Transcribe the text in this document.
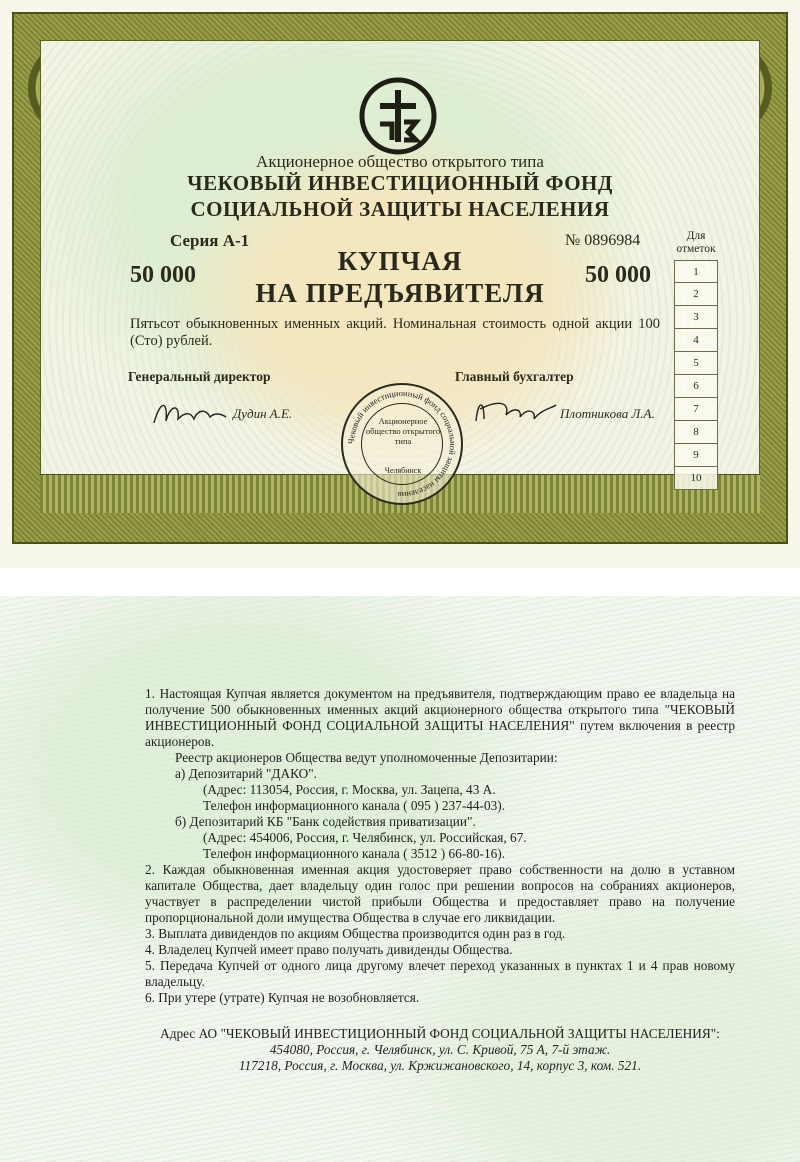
Акционерное общество открытого типа
ЧЕКОВЫЙ ИНВЕСТИЦИОННЫЙ ФОНД
СОЦИАЛЬНОЙ ЗАЩИТЫ НАСЕЛЕНИЯ
Серия А-1	№ 0896984
50 000	50 000
КУПЧАЯ
НА ПРЕДЪЯВИТЕЛЯ
Пятьсот обыкновенных именных акций. Номинальная стоимость одной акции 100 (Сто) рублей.
Генеральный директор	Главный бухгалтер
Дудин А.Е.	Плотникова Л.А.
Чековый инвестиционный фонд социальной защиты населения
Акционерное общество открытого типа
Челябинск
Для
отметок
1
2
3
4
5
6
7
8
9
10

1. Настоящая Купчая является документом на предъявителя, подтверждающим право ее владельца на получение 500 обыкновенных именных акций акционерного общества открытого типа "ЧЕКОВЫЙ ИНВЕСТИЦИОННЫЙ ФОНД СОЦИАЛЬНОЙ ЗАЩИТЫ НАСЕЛЕНИЯ" путем включения в реестр акционеров.

Реестр акционеров Общества ведут уполномоченные Депозитарии:

а) Депозитарий "ДАКО".

(Адрес: 113054, Россия, г. Москва, ул. Зацепа, 43 А.

Телефон информационного канала ( 095 ) 237-44-03).

б) Депозитарий КБ "Банк содействия приватизации".

(Адрес: 454006, Россия, г. Челябинск, ул. Российская, 67.

Телефон информационного канала ( 3512 ) 66-80-16).

2. Каждая обыкновенная именная акция удостоверяет право собственности на долю в уставном капитале Общества, дает владельцу один голос при решении вопросов на собраниях акционеров, участвует в распределении чистой прибыли Общества и предоставляет право на получение пропорциональной доли имущества Общества в случае его ликвидации.

3. Выплата дивидендов по акциям Общества производится один раз в год.

4. Владелец Купчей имеет право получать дивиденды Общества.

5. Передача Купчей от одного лица другому влечет переход указанных в пунктах 1 и 4 прав новому владельцу.

6. При утере (утрате) Купчая не возобновляется.

Адрес АО "ЧЕКОВЫЙ ИНВЕСТИЦИОННЫЙ ФОНД СОЦИАЛЬНОЙ ЗАЩИТЫ НАСЕЛЕНИЯ":

454080, Россия, г. Челябинск, ул. С. Кривой, 75 А, 7-й этаж.

117218, Россия, г. Москва, ул. Кржижановского, 14, корпус 3, ком. 521.
